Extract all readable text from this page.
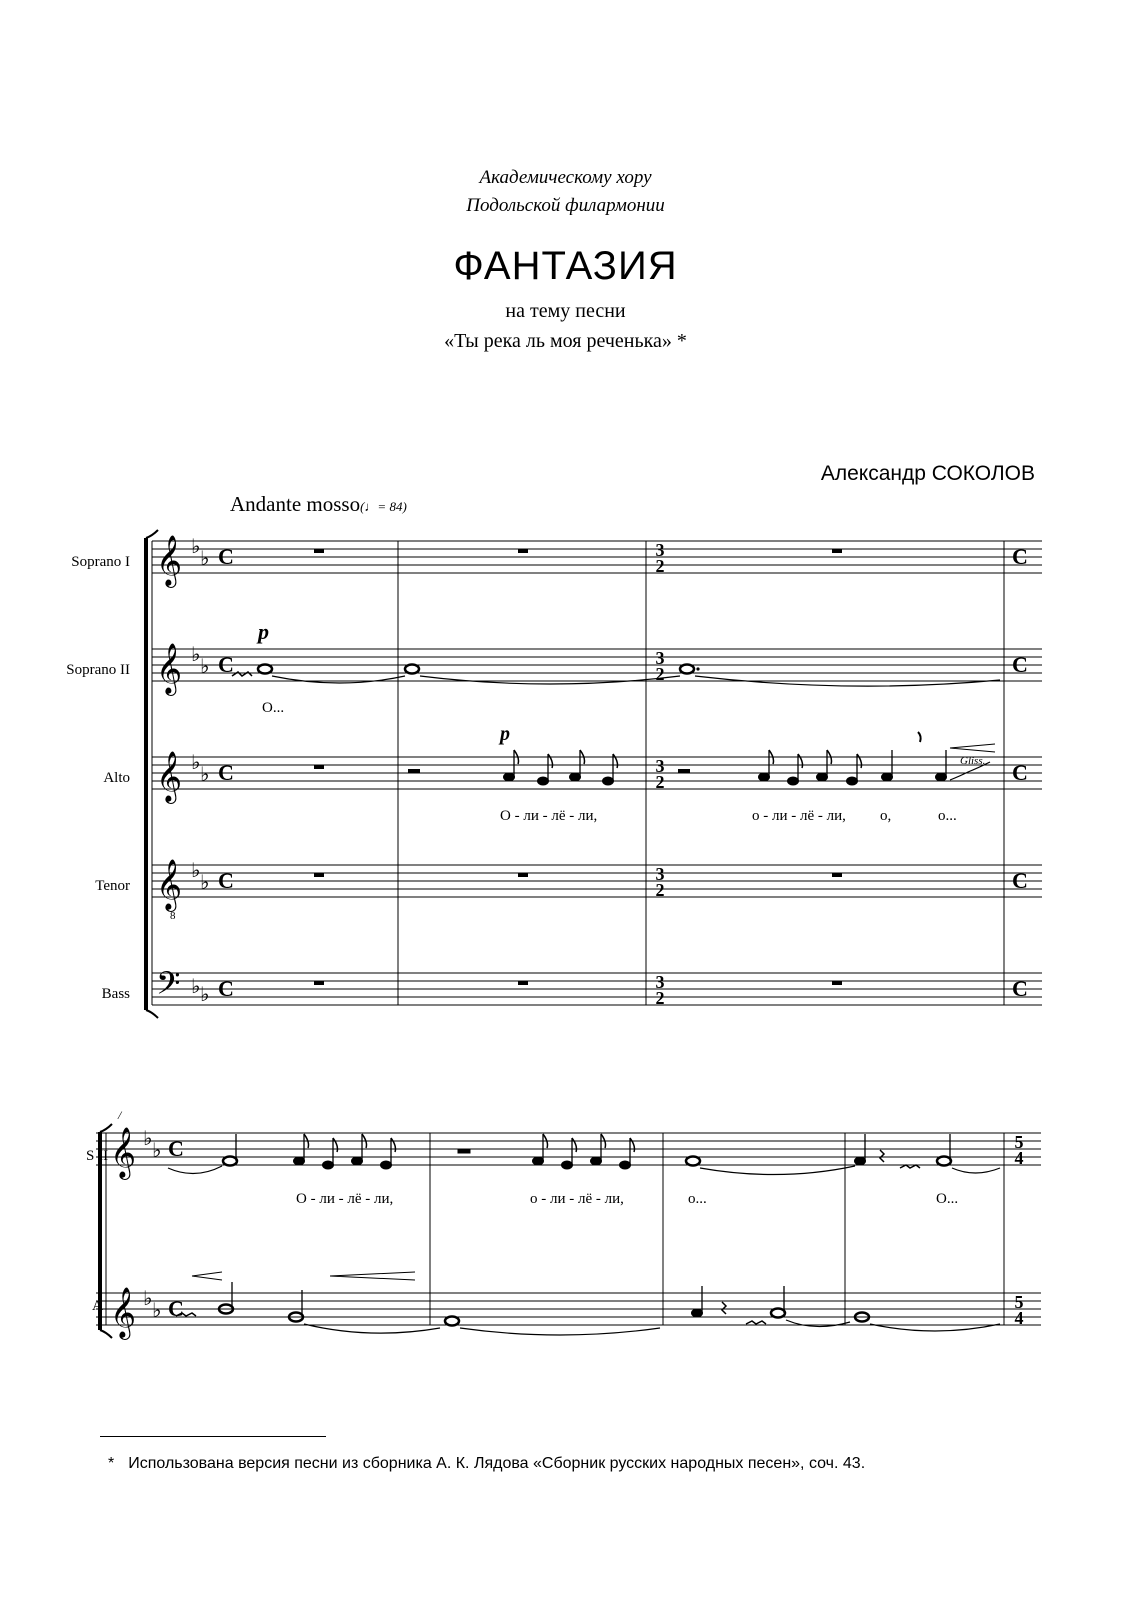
Академическому хору
Подольской филармонии
ФАНТАЗИЯ
на тему песни
«Ты река ль моя реченька» *
Александр СОКОЛОВ
Andante mosso(♩= 84)
Soprano I
Soprano II
Alto
Tenor
Bass
𝄞
𝄞
𝄞
𝄞
𝄢
8
♭
♭
♭
♭
♭
♭
♭
♭
♭ ♭
C
C
C
C
C
C
C
C
C
C
3
2
3
2
3
2
3
2
3
2
p
О...
p
Gliss.
О - ли - лё - ли,	о - ли - лё - ли, о,	о...
/
S II
A
𝄞
𝄞
♭
♭
♭
♭
C
C
5
4
5
4
О - ли - лё - ли,	о - ли - лё - ли,	о...	О...
* Использована версия песни из сборника А. К. Лядова «Сборник русских народных песен», соч. 43.
